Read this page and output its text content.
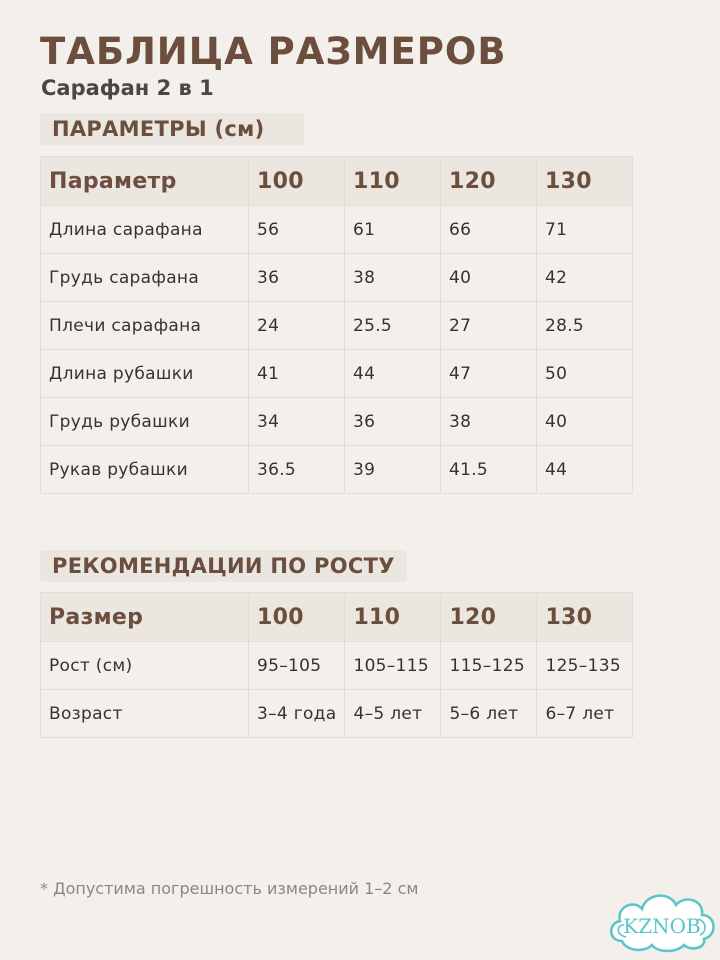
ТАБЛИЦА РАЗМЕРОВ
Сарафан 2 в 1
ПАРАМЕТРЫ (см)
Параметр	100	110	120	130
Длина сарафана	56	61	66	71
Грудь сарафана	36	38	40	42
Плечи сарафана	24	25.5	27	28.5
Длина рубашки	41	44	47	50
Грудь рубашки	34	36	38	40
Рукав рубашки	36.5	39	41.5	44
РЕКОМЕНДАЦИИ ПО РОСТУ
Размер	100	110	120	130
Рост (см)	95–105	105–115	115–125	125–135
Возраст	3–4 года	4–5 лет	5–6 лет	6–7 лет
* Допустима погрешность измерений 1–2 см
KZNOB
